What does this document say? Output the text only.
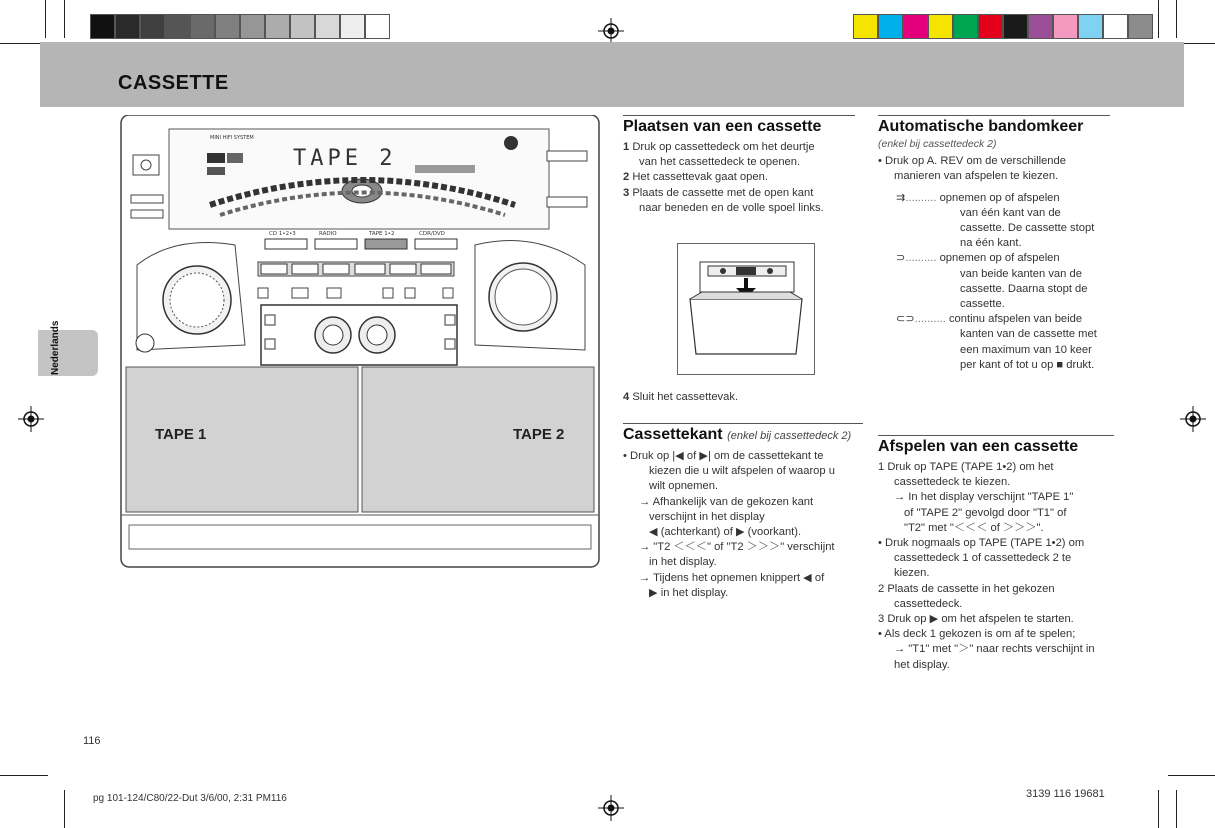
CASSETTE
Nederlands
MINI HIFI SYSTEM
TAPE 2
CD 1•2•3	RADIO	TAPE 1•2	CDR/DVD
TAPE 1	TAPE 2
Plaatsen van een cassette
1 Druk op cassettedeck om het deurtje
van het cassettedeck te openen.
2 Het cassettevak gaat open.
3 Plaats de cassette met de open kant
naar beneden en de volle spoel links.
4 Sluit het cassettevak.
Cassettekant (enkel bij cassettedeck 2)
• Druk op |◀ of ▶| om de cassettekant te
kiezen die u wilt afspelen of waarop u
wilt opnemen.
→ Afhankelijk van de gekozen kant
verschijnt in het display
◀ (achterkant) of ▶ (voorkant).
→ "T2 ＜＜＜" of "T2 ＞＞＞" verschijnt
in het display.
→ Tijdens het opnemen knippert ◀ of
▶ in het display.
Automatische bandomkeer
(enkel bij cassettedeck 2)
• Druk op A. REV om de verschillende
manieren van afspelen te kiezen.
⇉.......... opnemen op of afspelen
van één kant van de
cassette. De cassette stopt
na één kant.
⊃.......... opnemen op of afspelen
van beide kanten van de
cassette. Daarna stopt de
cassette.
⊂⊃.......... continu afspelen van beide
kanten van de cassette met
een maximum van 10 keer
per kant of tot u op ■ drukt.
Afspelen van een cassette
1 Druk op TAPE (TAPE 1•2) om het
cassettedeck te kiezen.
→ In het display verschijnt "TAPE 1"
of "TAPE 2" gevolgd door "T1" of
"T2" met "＜＜＜ of ＞＞＞".
• Druk nogmaals op TAPE (TAPE 1•2) om
cassettedeck 1 of cassettedeck 2 te
kiezen.
2 Plaats de cassette in het gekozen
cassettedeck.
3 Druk op ▶ om het afspelen te starten.
• Als deck 1 gekozen is om af te spelen;
→ "T1" met "＞" naar rechts verschijnt in
het display.
116
pg 101-124/C80/22-Dut 3/6/00, 2:31 PM116	3139 116 19681
